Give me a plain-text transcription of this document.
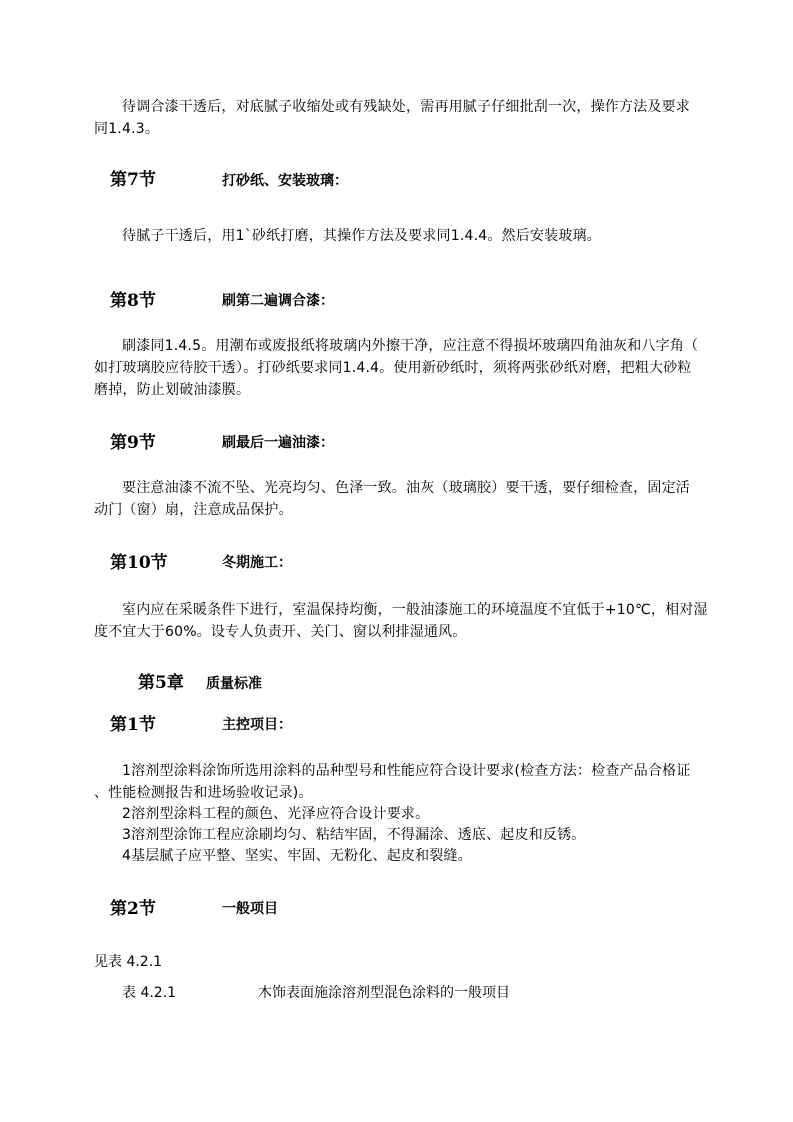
待调合漆干透后，对底腻子收缩处或有残缺处，需再用腻子仔细批刮一次，操作方法及要求
同1.4.3。
第7节	打砂纸、安装玻璃：
待腻子干透后，用1`砂纸打磨，其操作方法及要求同1.4.4。然后安装玻璃。
第8节	刷第二遍调合漆：
刷漆同1.4.5。用潮布或废报纸将玻璃内外擦干净，应注意不得损坏玻璃四角油灰和八字角（
如打玻璃胶应待胶干透）。打砂纸要求同1.4.4。使用新砂纸时，须将两张砂纸对磨，把粗大砂粒
磨掉，防止划破油漆膜。
第9节	刷最后一遍油漆：
要注意油漆不流不坠、光亮均匀、色泽一致。油灰（玻璃胶）要干透，要仔细检查，固定活
动门（窗）扇，注意成品保护。
第10节	冬期施工：
室内应在采暖条件下进行，室温保持均衡，一般油漆施工的环境温度不宜低于+10℃，相对湿
度不宜大于60%。设专人负责开、关门、窗以利排湿通风。
第5章 质量标准
第1节	主控项目：
1溶剂型涂料涂饰所选用涂料的品种型号和性能应符合设计要求(检查方法：检查产品合格证
、性能检测报告和进场验收记录)。
2溶剂型涂料工程的颜色、光泽应符合设计要求。
3溶剂型涂饰工程应涂刷均匀、粘结牢固，不得漏涂、透底、起皮和反锈。
4基层腻子应平整、坚实、牢固、无粉化、起皮和裂缝。
第2节	一般项目
见表 4.2.1
表 4.2.1	木饰表面施涂溶剂型混色涂料的一般项目
